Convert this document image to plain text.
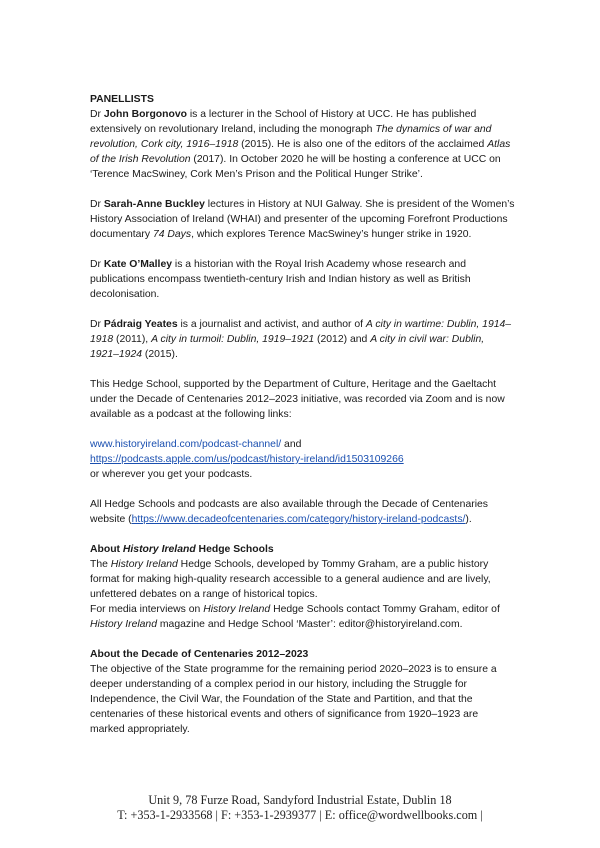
PANELLISTS

Dr John Borgonovo is a lecturer in the School of History at UCC. He has published extensively on revolutionary Ireland, including the monograph The dynamics of war and revolution, Cork city, 1916–1918 (2015). He is also one of the editors of the acclaimed Atlas of the Irish Revolution (2017). In October 2020 he will be hosting a conference at UCC on ‘Terence MacSwiney, Cork Men’s Prison and the Political Hunger Strike’.

Dr Sarah-Anne Buckley lectures in History at NUI Galway. She is president of the Women’s History Association of Ireland (WHAI) and presenter of the upcoming Forefront Productions documentary 74 Days, which explores Terence MacSwiney’s hunger strike in 1920.

Dr Kate O’Malley is a historian with the Royal Irish Academy whose research and publications encompass twentieth-century Irish and Indian history as well as British decolonisation.

Dr Pádraig Yeates is a journalist and activist, and author of A city in wartime: Dublin, 1914–1918 (2011), A city in turmoil: Dublin, 1919–1921 (2012) and A city in civil war: Dublin, 1921–1924 (2015).

This Hedge School, supported by the Department of Culture, Heritage and the Gaeltacht under the Decade of Centenaries 2012–2023 initiative, was recorded via Zoom and is now available as a podcast at the following links:

www.historyireland.com/podcast-channel/ and
https://podcasts.apple.com/us/podcast/history-ireland/id1503109266
or wherever you get your podcasts.

All Hedge Schools and podcasts are also available through the Decade of Centenaries website (https://www.decadeofcentenaries.com/category/history-ireland-podcasts/).

About History Ireland Hedge Schools

The History Ireland Hedge Schools, developed by Tommy Graham, are a public history format for making high-quality research accessible to a general audience and are lively, unfettered debates on a range of historical topics.

For media interviews on History Ireland Hedge Schools contact Tommy Graham, editor of History Ireland magazine and Hedge School ‘Master’: editor@historyireland.com.

About the Decade of Centenaries 2012–2023

The objective of the State programme for the remaining period 2020–2023 is to ensure a deeper understanding of a complex period in our history, including the Struggle for Independence, the Civil War, the Foundation of the State and Partition, and that the centenaries of these historical events and others of significance from 1920–1923 are marked appropriately.

Unit 9, 78 Furze Road, Sandyford Industrial Estate, Dublin 18
T: +353-1-2933568 | F: +353-1-2939377 | E: office@wordwellbooks.com |
